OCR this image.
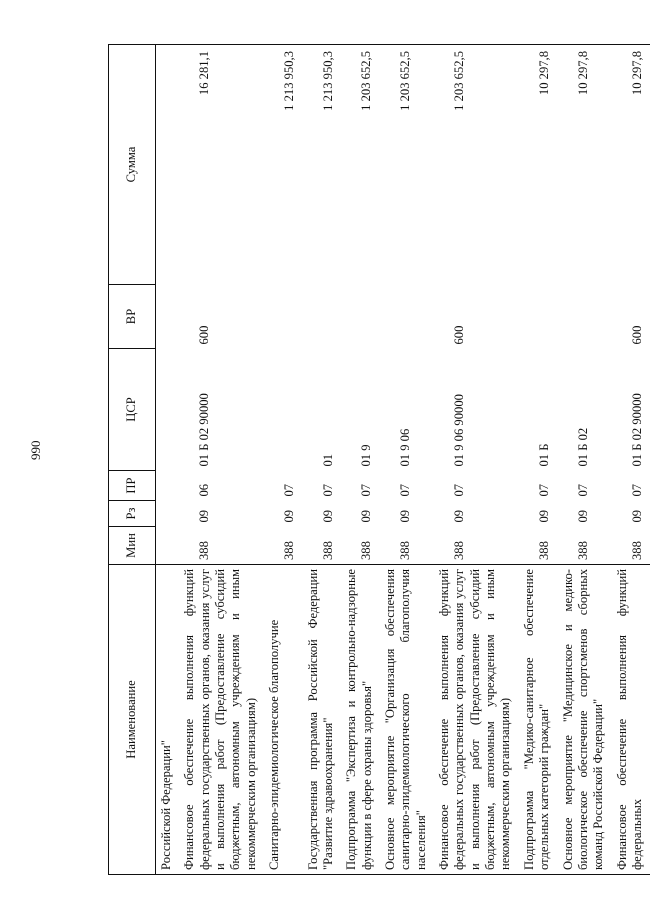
990
Наименование	Мин	Рз	ПР	ЦСР	ВР	Сумма
Российской Федерации"						
Финансовое обеспечение выполнения функций федеральных государственных органов, оказания услуг и выполнения работ (Предоставление субсидий бюджетным, автономным учреждениям и иным некоммерческим организациям)	388	09	06	01 Б 02 90000	600	16 281,1
Санитарно-эпидемиологическое благополучие	388	09	07			1 213 950,3
Государственная программа Российской Федерации "Развитие здравоохранения"	388	09	07	01		1 213 950,3
Подпрограмма "Экспертиза и контрольно-надзорные функции в сфере охраны здоровья"	388	09	07	01 9		1 203 652,5
Основное мероприятие "Организация обеспечения санитарно-эпидемиологического благополучия населения"	388	09	07	01 9 06		1 203 652,5
Финансовое обеспечение выполнения функций федеральных государственных органов, оказания услуг и выполнения работ (Предоставление субсидий бюджетным, автономным учреждениям и иным некоммерческим организациям)	388	09	07	01 9 06 90000	600	1 203 652,5
Подпрограмма "Медико-санитарное обеспечение отдельных категорий граждан"	388	09	07	01 Б		10 297,8
Основное мероприятие "Медицинское и медико-биологическое обеспечение спортсменов сборных команд Российской Федерации"	388	09	07	01 Б 02		10 297,8
Финансовое обеспечение выполнения функций федеральных	388	09	07	01 Б 02 90000	600	10 297,8
